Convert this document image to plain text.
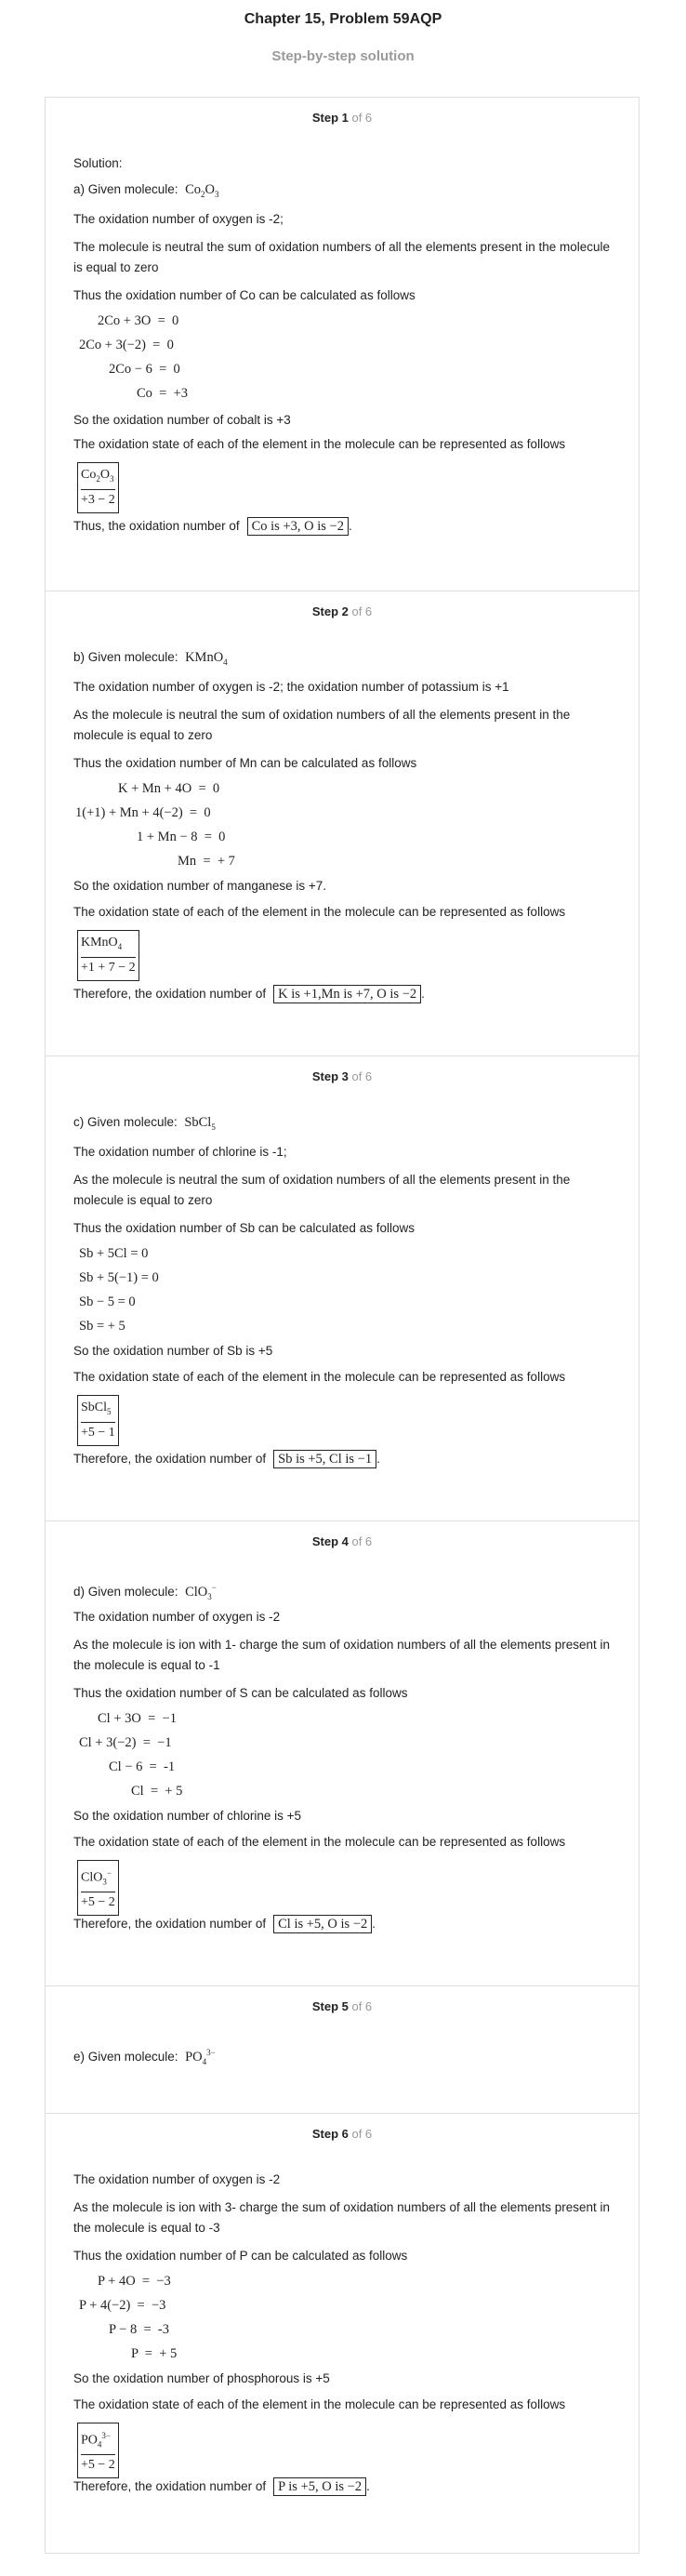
Chapter 15, Problem 59AQP
Step-by-step solution
Step 1 of 6
Solution:
a) Given molecule: $Co_2O_3$
The oxidation number of oxygen is -2;
The molecule is neutral the sum of oxidation numbers of all the elements present in the molecule is equal to zero
Thus the oxidation number of Co can be calculated as follows
2Co + 3O  =  0
2Co + 3(−2)  =  0
2Co − 6  =  0
Co  =  +3
So the oxidation number of cobalt is +3
The oxidation state of each of the element in the molecule can be represented as follows
$Co_2O_3$
+3 − 2
Thus, the oxidation number of Co is +3, O is −2 .
Step 2 of 6
b) Given molecule: KMnO$_4$
The oxidation number of oxygen is -2; the oxidation number of potassium is +1
As the molecule is neutral the sum of oxidation numbers of all the elements present in the molecule is equal to zero
Thus the oxidation number of Mn can be calculated as follows
K + Mn + 4O  =  0
1(+1) + Mn + 4(−2)  =  0
1 + Mn − 8  =  0
Mn  =  + 7
So the oxidation number of manganese is +7.
The oxidation state of each of the element in the molecule can be represented as follows
KMnO$_4$
+1 + 7 − 2
Therefore, the oxidation number of K is +1,Mn is +7, O is −2 .
Step 3 of 6
c) Given molecule: SbCl$_5$
The oxidation number of chlorine is -1;
As the molecule is neutral the sum of oxidation numbers of all the elements present in the molecule is equal to zero
Thus the oxidation number of Sb can be calculated as follows
Sb + 5Cl = 0
Sb + 5(−1) = 0
Sb − 5 = 0
Sb = + 5
So the oxidation number of Sb is +5
The oxidation state of each of the element in the molecule can be represented as follows
SbCl$_5$
+5 − 1
Therefore, the oxidation number of Sb is +5, Cl is −1 .
Step 4 of 6
d) Given molecule: ClO$_3$−
The oxidation number of oxygen is -2
As the molecule is ion with 1- charge the sum of oxidation numbers of all the elements present in the molecule is equal to -1
Thus the oxidation number of S can be calculated as follows
Cl + 3O  =  −1
Cl + 3(−2)  =  −1
Cl − 6  =  -1
Cl  =  + 5
So the oxidation number of chlorine is +5
The oxidation state of each of the element in the molecule can be represented as follows
ClO$_3$−
+5 − 2
Therefore, the oxidation number of Cl is +5, O is −2 .
Step 5 of 6
e) Given molecule: $PO_4^{3-}$
Step 6 of 6
The oxidation number of oxygen is -2
As the molecule is ion with 3- charge the sum of oxidation numbers of all the elements present in the molecule is equal to -3
Thus the oxidation number of P can be calculated as follows
P + 4O  =  −3
P + 4(−2)  =  −3
P − 8  =  -3
P  =  + 5
So the oxidation number of phosphorous is +5
The oxidation state of each of the element in the molecule can be represented as follows
$PO_4^{3-}$
+5 − 2
Therefore, the oxidation number of P is +5, O is −2 .
